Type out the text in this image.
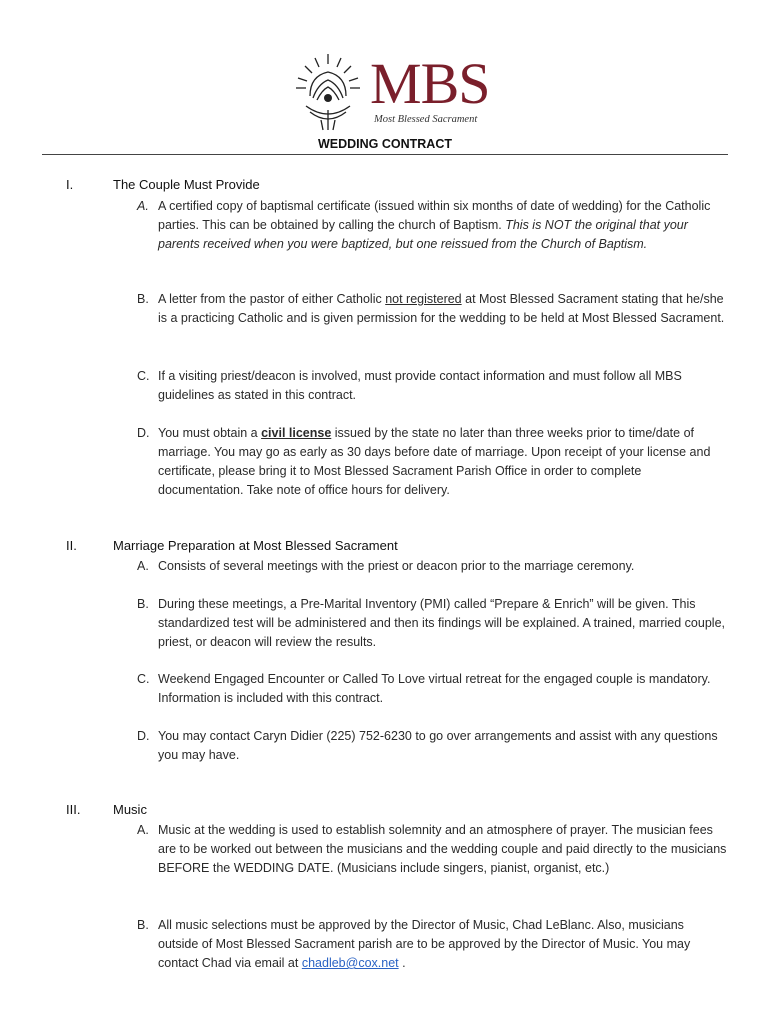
MBS
Most Blessed Sacrament
WEDDING CONTRACT
I.	The Couple Must Provide
A. A certified copy of baptismal certificate (issued within six months of date of wedding) for the Catholic parties. This can be obtained by calling the church of Baptism. This is NOT the original that your parents received when you were baptized, but one reissued from the Church of Baptism.
B. A letter from the pastor of either Catholic not registered at Most Blessed Sacrament stating that he/she is a practicing Catholic and is given permission for the wedding to be held at Most Blessed Sacrament.
C. If a visiting priest/deacon is involved, must provide contact information and must follow all MBS guidelines as stated in this contract.
D. You must obtain a civil license issued by the state no later than three weeks prior to time/date of marriage. You may go as early as 30 days before date of marriage. Upon receipt of your license and certificate, please bring it to Most Blessed Sacrament Parish Office in order to complete documentation. Take note of office hours for delivery.
II.	Marriage Preparation at Most Blessed Sacrament
A. Consists of several meetings with the priest or deacon prior to the marriage ceremony.
B. During these meetings, a Pre-Marital Inventory (PMI) called “Prepare & Enrich” will be given. This standardized test will be administered and then its findings will be explained. A trained, married couple, priest, or deacon will review the results.
C. Weekend Engaged Encounter or Called To Love virtual retreat for the engaged couple is mandatory. Information is included with this contract.
D. You may contact Caryn Didier (225) 752-6230 to go over arrangements and assist with any questions you may have.
III.	Music
A. Music at the wedding is used to establish solemnity and an atmosphere of prayer. The musician fees are to be worked out between the musicians and the wedding couple and paid directly to the musicians BEFORE the WEDDING DATE. (Musicians include singers, pianist, organist, etc.)
B. All music selections must be approved by the Director of Music, Chad LeBlanc. Also, musicians outside of Most Blessed Sacrament parish are to be approved by the Director of Music. You may contact Chad via email at chadleb@cox.net .
